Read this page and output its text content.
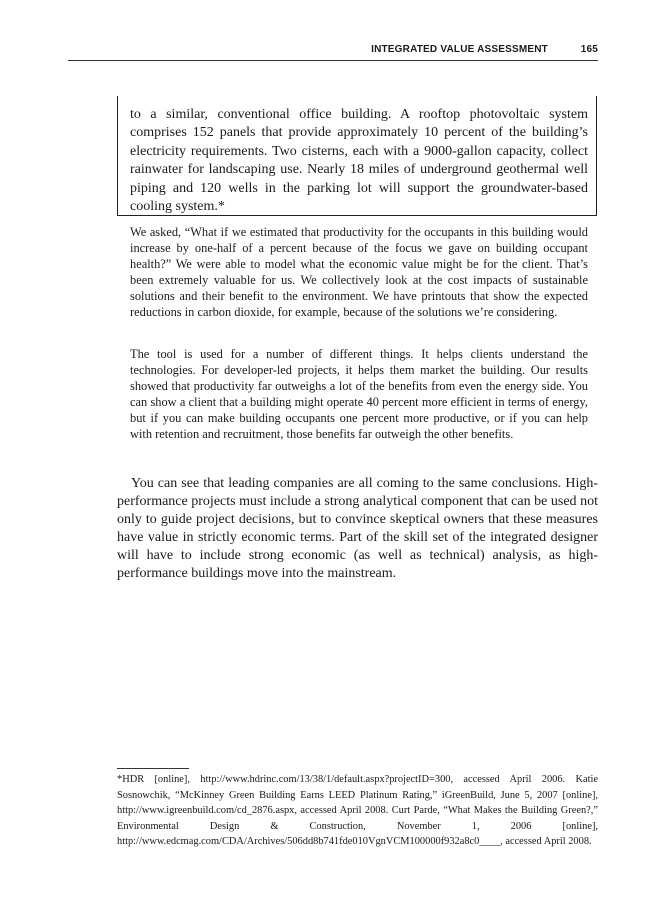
INTEGRATED VALUE ASSESSMENT	165

to a similar, conventional office building. A rooftop photovoltaic system comprises 152 panels that provide approximately 10 percent of the building’s electricity requirements. Two cisterns, each with a 9000-gallon capacity, collect rainwater for landscaping use. Nearly 18 miles of underground geothermal well piping and 120 wells in the parking lot will support the groundwater-based cooling system.*

We asked, “What if we estimated that productivity for the occupants in this building would increase by one-half of a percent because of the focus we gave on building occupant health?” We were able to model what the economic value might be for the client. That’s been extremely valuable for us. We collectively look at the cost impacts of sustainable solutions and their benefit to the environment. We have printouts that show the expected reductions in carbon dioxide, for example, because of the solutions we’re considering.

The tool is used for a number of different things. It helps clients understand the technologies. For developer-led projects, it helps them market the building. Our results showed that productivity far outweighs a lot of the benefits from even the energy side. You can show a client that a building might operate 40 percent more efficient in terms of energy, but if you can make building occupants one percent more productive, or if you can help with retention and recruitment, those benefits far outweigh the other benefits.

You can see that leading companies are all coming to the same conclusions. High-performance projects must include a strong analytical component that can be used not only to guide project decisions, but to convince skeptical owners that these measures have value in strictly economic terms. Part of the skill set of the integrated designer will have to include strong economic (as well as technical) analysis, as high-performance buildings move into the mainstream.

*HDR [online], http://www.hdrinc.com/13/38/1/default.aspx?projectID=300, accessed April 2006. Katie Sosnowchik, “McKinney Green Building Earns LEED Platinum Rating,” iGreenBuild, June 5, 2007 [online], http://www.igreenbuild.com/cd_2876.aspx, accessed April 2008. Curt Parde, “What Makes the Building Green?,” Environmental Design & Construction, November 1, 2006 [online], http://www.edcmag.com/CDA/Archives/506dd8b741fde010VgnVCM100000f932a8c0____, accessed April 2008.
